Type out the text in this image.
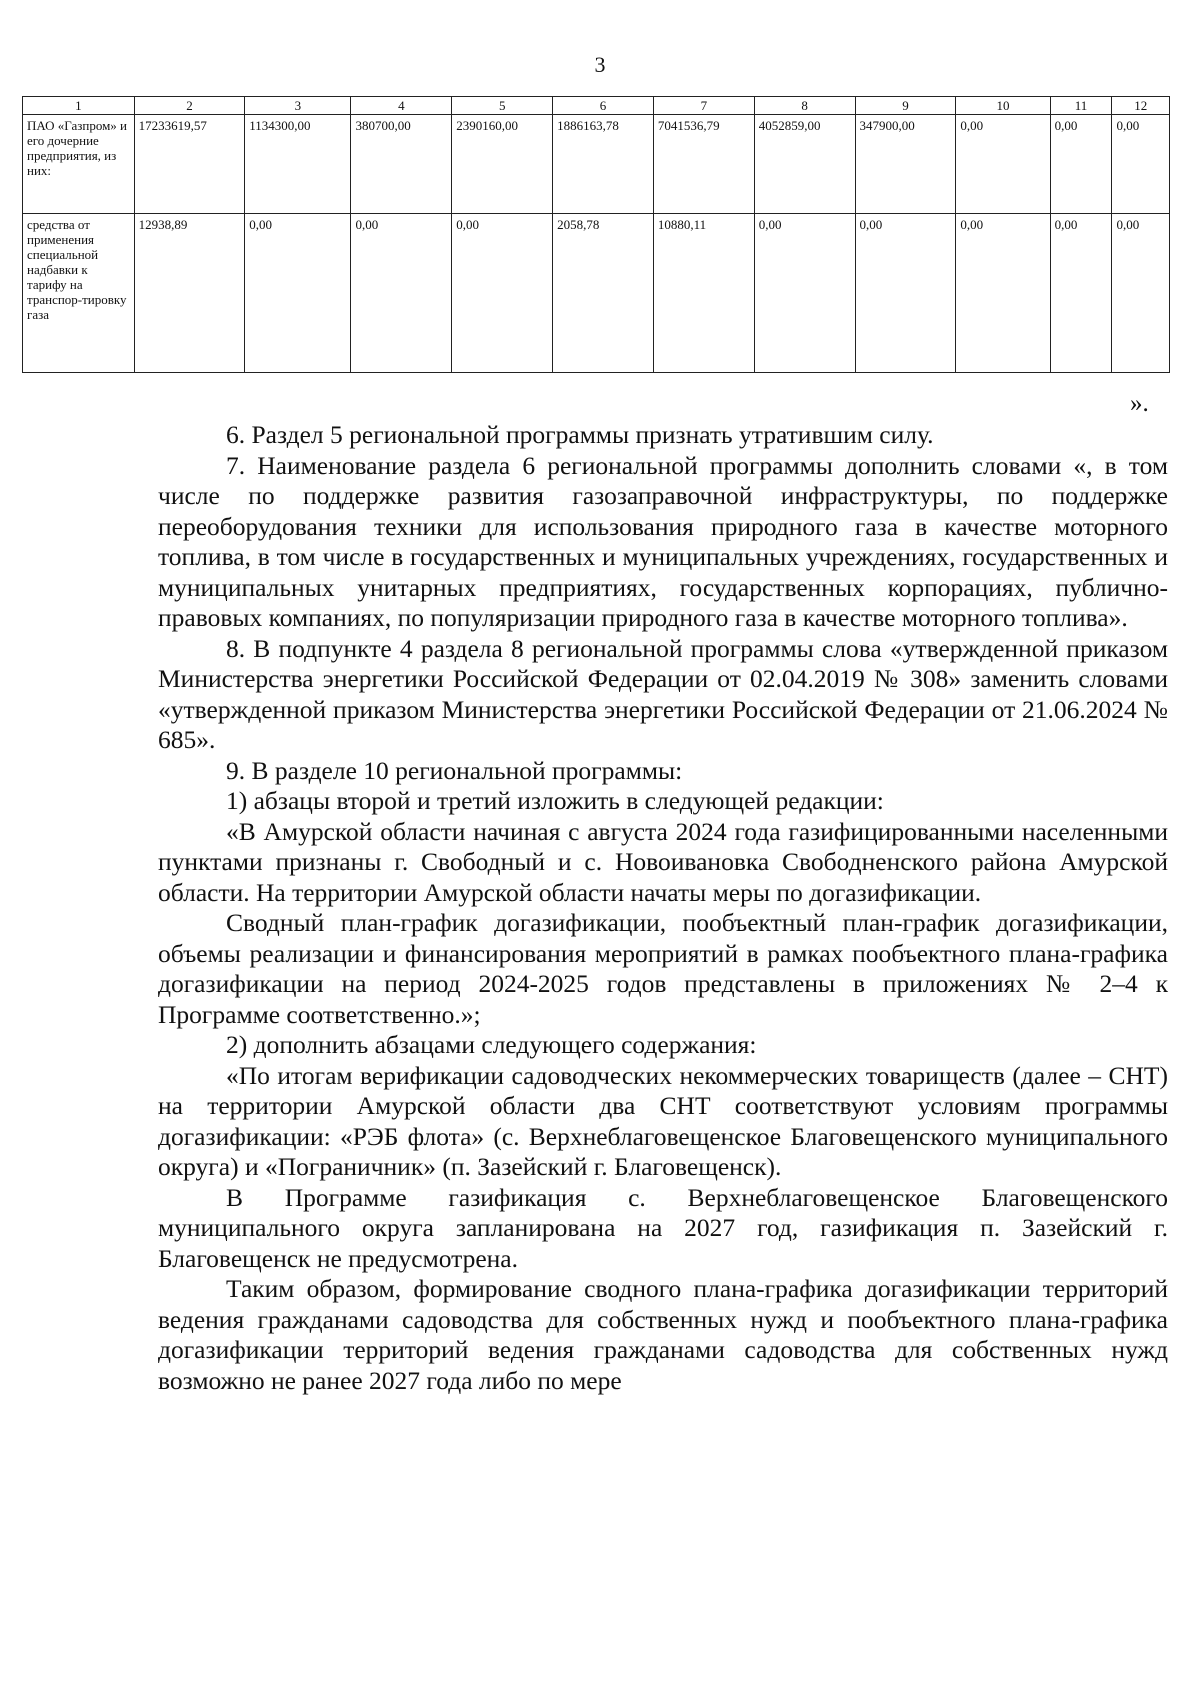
3
1	2	3	4	5	6	7	8	9	10	11	12
ПАО «Газпром» и его дочерние предприятия, из них:	17233619,57	1134300,00	380700,00	2390160,00	1886163,78	7041536,79	4052859,00	347900,00	0,00	0,00	0,00
средства от применения специальной надбавки к тарифу на транспор-тировку газа	12938,89	0,00	0,00	0,00	2058,78	10880,11	0,00	0,00	0,00	0,00	0,00
».

6. Раздел 5 региональной программы признать утратившим силу.

7. Наименование раздела 6 региональной программы дополнить словами «, в том числе по поддержке развития газозаправочной инфраструктуры, по поддержке переоборудования техники для использования природного газа в качестве моторного топлива, в том числе в государственных и муниципальных учреждениях, государственных и муниципальных унитарных предприятиях, государственных корпорациях, публично-правовых компаниях, по популяризации природного газа в качестве моторного топлива».

8. В подпункте 4 раздела 8 региональной программы слова «утвержденной приказом Министерства энергетики Российской Федерации от 02.04.2019 № 308» заменить словами «утвержденной приказом Министерства энергетики Российской Федерации от 21.06.2024 № 685».

9. В разделе 10 региональной программы:

1) абзацы второй и третий изложить в следующей редакции:

«В Амурской области начиная с августа 2024 года газифицированными населенными пунктами признаны г. Свободный и с. Новоивановка Свободненского района Амурской области. На территории Амурской области начаты меры по догазификации.

Сводный план-график догазификации, пообъектный план-график догазификации, объемы реализации и финансирования мероприятий в рамках пообъектного плана-графика догазификации на период 2024-2025 годов представлены в приложениях № 2–4 к Программе соответственно.»;

2) дополнить абзацами следующего содержания:

«По итогам верификации садоводческих некоммерческих товариществ (далее – СНТ) на территории Амурской области два СНТ соответствуют условиям программы догазификации: «РЭБ флота» (с. Верхнеблаговещенское Благовещенского муниципального округа) и «Пограничник» (п. Зазейский г. Благовещенск).

В Программе газификация с. Верхнеблаговещенское Благовещенского муниципального округа запланирована на 2027 год, газификация п. Зазейский г. Благовещенск не предусмотрена.

Таким образом, формирование сводного плана-графика догазификации территорий ведения гражданами садоводства для собственных нужд и пообъектного плана-графика догазификации территорий ведения гражданами садоводства для собственных нужд возможно не ранее 2027 года либо по мере
